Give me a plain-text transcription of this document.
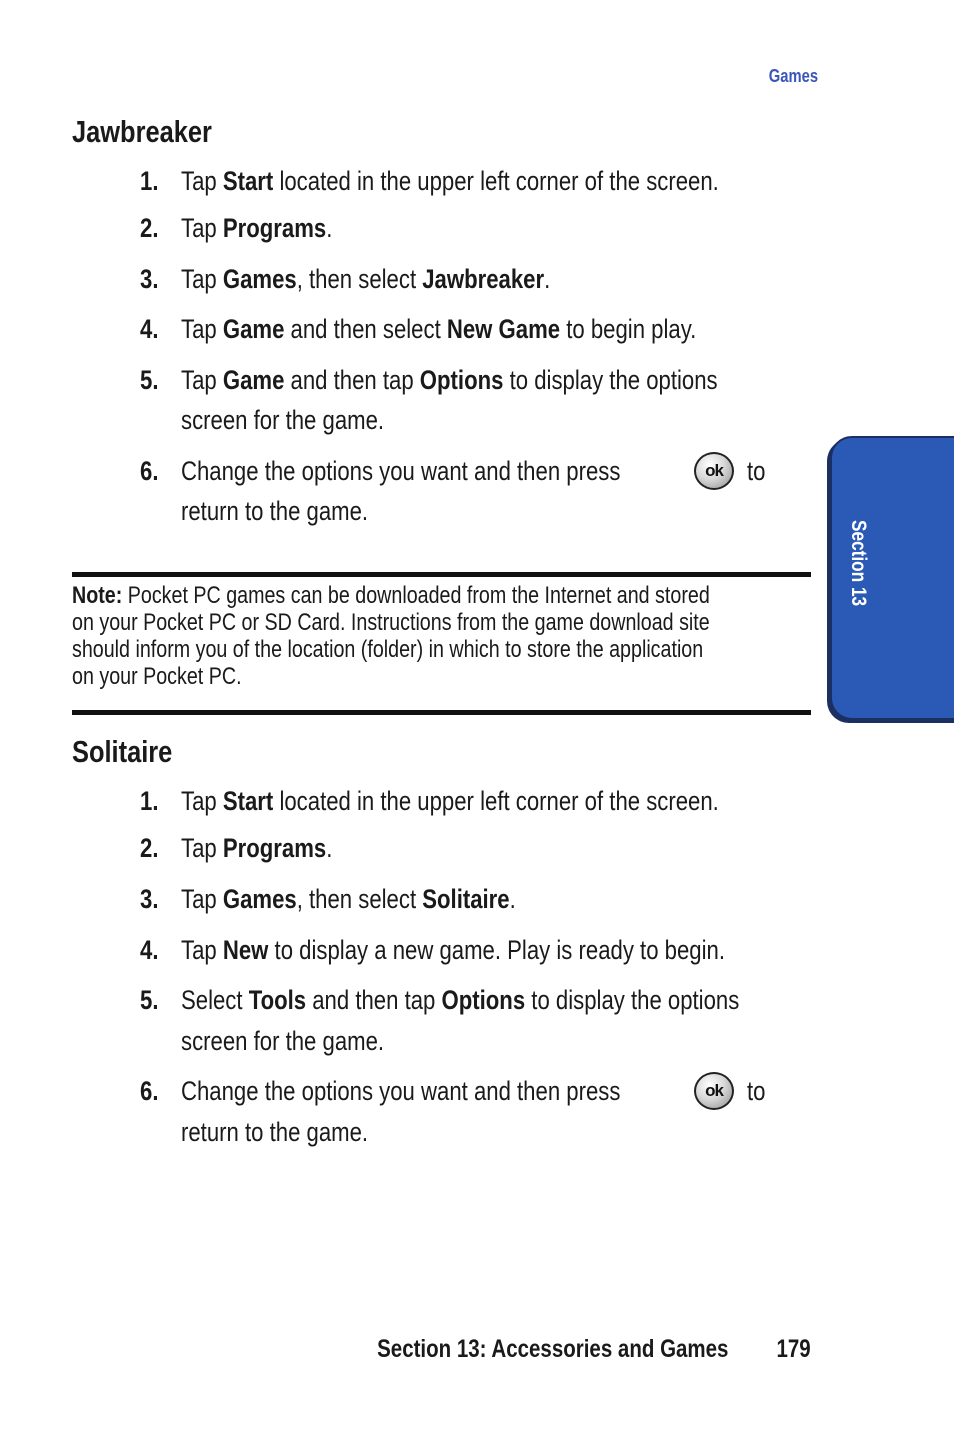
Games
Jawbreaker
1. Tap Start located in the upper left corner of the screen.
2. Tap Programs.
3. Tap Games, then select Jawbreaker.
4. Tap Game and then select New Game to begin play.
5. Tap Game and then tap Options to display the options
screen for the game.
6. Change the options you want and then press	ok to
return to the game.
Note: Pocket PC games can be downloaded from the Internet and stored
on your Pocket PC or SD Card. Instructions from the game download site
should inform you of the location (folder) in which to store the application
on your Pocket PC.
Solitaire
1. Tap Start located in the upper left corner of the screen.
2. Tap Programs.
3. Tap Games, then select Solitaire.
4. Tap New to display a new game. Play is ready to begin.
5. Select Tools and then tap Options to display the options
screen for the game.
6. Change the options you want and then press	ok to
return to the game.
Section 13
Section 13: Accessories and Games 179
